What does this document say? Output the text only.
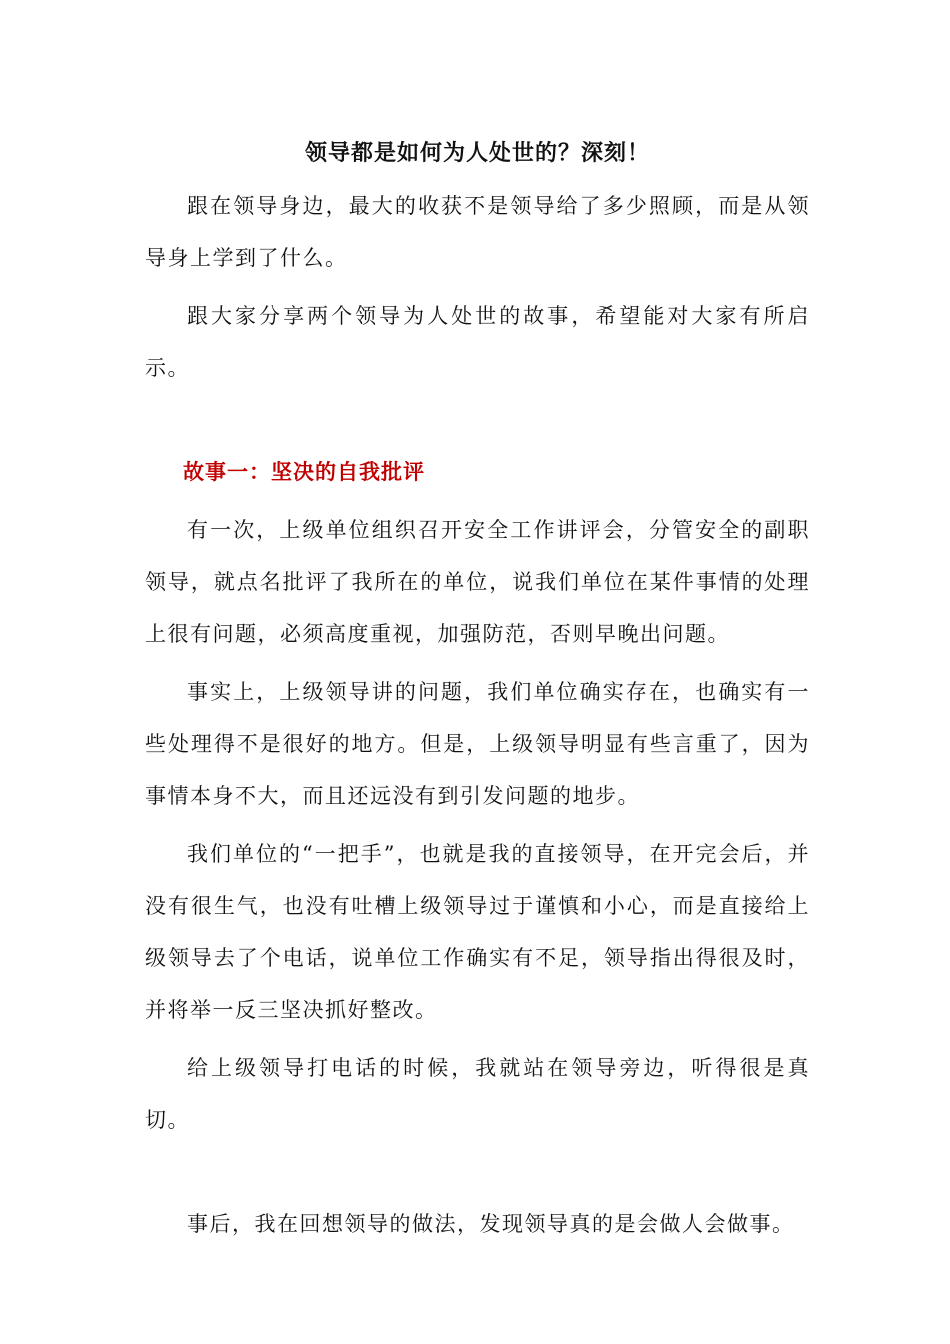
领导都是如何为人处世的？深刻！

跟在领导身边，最大的收获不是领导给了多少照顾，而是从领导身上学到了什么。

跟大家分享两个领导为人处世的故事，希望能对大家有所启示。

故事一：坚决的自我批评

有一次，上级单位组织召开安全工作讲评会，分管安全的副职领导，就点名批评了我所在的单位，说我们单位在某件事情的处理上很有问题，必须高度重视，加强防范，否则早晚出问题。

事实上，上级领导讲的问题，我们单位确实存在，也确实有一些处理得不是很好的地方。但是，上级领导明显有些言重了，因为事情本身不大，而且还远没有到引发问题的地步。

我们单位的“一把手”，也就是我的直接领导，在开完会后，并没有很生气，也没有吐槽上级领导过于谨慎和小心，而是直接给上级领导去了个电话，说单位工作确实有不足，领导指出得很及时，并将举一反三坚决抓好整改。

给上级领导打电话的时候，我就站在领导旁边，听得很是真切。

事后，我在回想领导的做法，发现领导真的是会做人会做事。
